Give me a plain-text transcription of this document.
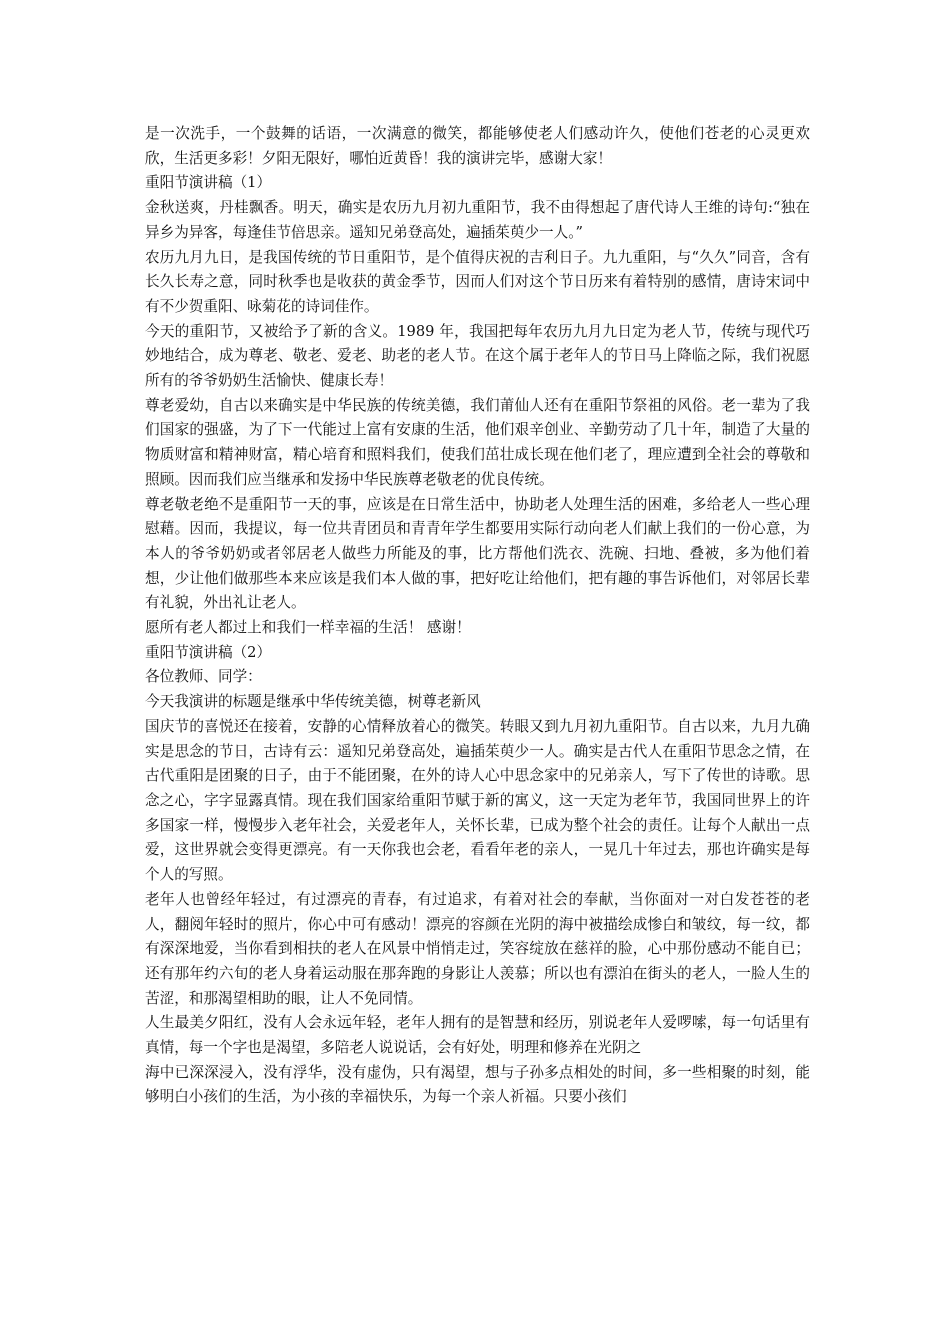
是一次洗手，一个鼓舞的话语，一次满意的微笑，都能够使老人们感动许久，使他们苍老的心灵更欢欣，生活更多彩！夕阳无限好，哪怕近黄昏！我的演讲完毕，感谢大家！

重阳节演讲稿（1）

金秋送爽，丹桂飘香。明天，确实是农历九月初九重阳节，我不由得想起了唐代诗人王维的诗句:“独在异乡为异客，每逢佳节倍思亲。遥知兄弟登高处，遍插茱萸少一人。”

农历九月九日，是我国传统的节日重阳节，是个值得庆祝的吉利日子。九九重阳，与“久久”同音，含有长久长寿之意，同时秋季也是收获的黄金季节，因而人们对这个节日历来有着特别的感情，唐诗宋词中有不少贺重阳、咏菊花的诗词佳作。

今天的重阳节，又被给予了新的含义。1989 年，我国把每年农历九月九日定为老人节，传统与现代巧妙地结合，成为尊老、敬老、爱老、助老的老人节。在这个属于老年人的节日马上降临之际，我们祝愿所有的爷爷奶奶生活愉快、健康长寿！

尊老爱幼，自古以来确实是中华民族的传统美德，我们莆仙人还有在重阳节祭祖的风俗。老一辈为了我们国家的强盛，为了下一代能过上富有安康的生活，他们艰辛创业、辛勤劳动了几十年，制造了大量的物质财富和精神财富，精心培育和照料我们，使我们茁壮成长现在他们老了，理应遭到全社会的尊敬和照顾。因而我们应当继承和发扬中华民族尊老敬老的优良传统。

尊老敬老绝不是重阳节一天的事，应该是在日常生活中，协助老人处理生活的困难，多给老人一些心理慰藉。因而，我提议，每一位共青团员和青青年学生都要用实际行动向老人们献上我们的一份心意，为本人的爷爷奶奶或者邻居老人做些力所能及的事，比方帮他们洗衣、洗碗、扫地、叠被，多为他们着想，少让他们做那些本来应该是我们本人做的事，把好吃让给他们，把有趣的事告诉他们，对邻居长辈有礼貌，外出礼让老人。

愿所有老人都过上和我们一样幸福的生活！ 感谢！

重阳节演讲稿（2）

各位教师、同学：

今天我演讲的标题是继承中华传统美德，树尊老新风

国庆节的喜悦还在接着，安静的心情释放着心的微笑。转眼又到九月初九重阳节。自古以来，九月九确实是思念的节日，古诗有云：遥知兄弟登高处，遍插茱萸少一人。确实是古代人在重阳节思念之情，在古代重阳是团聚的日子，由于不能团聚，在外的诗人心中思念家中的兄弟亲人，写下了传世的诗歌。思念之心，字字显露真情。现在我们国家给重阳节赋于新的寓义，这一天定为老年节，我国同世界上的许多国家一样，慢慢步入老年社会，关爱老年人，关怀长辈，已成为整个社会的责任。让每个人献出一点爱，这世界就会变得更漂亮。有一天你我也会老，看看年老的亲人，一晃几十年过去，那也许确实是每个人的写照。

老年人也曾经年轻过，有过漂亮的青春，有过追求，有着对社会的奉献，当你面对一对白发苍苍的老人，翻阅年轻时的照片，你心中可有感动！漂亮的容颜在光阴的海中被描绘成惨白和皱纹，每一纹，都有深深地爱，当你看到相扶的老人在风景中悄悄走过，笑容绽放在慈祥的脸，心中那份感动不能自已；还有那年约六旬的老人身着运动服在那奔跑的身影让人羡慕；所以也有漂泊在街头的老人，一脸人生的苦涩，和那渴望相助的眼，让人不免同情。

人生最美夕阳红，没有人会永远年轻，老年人拥有的是智慧和经历，别说老年人爱啰嗦，每一句话里有真情，每一个字也是渴望，多陪老人说说话，会有好处，明理和修养在光阴之

海中已深深浸入，没有浮华，没有虚伪，只有渴望，想与子孙多点相处的时间，多一些相聚的时刻，能够明白小孩们的生活，为小孩的幸福快乐，为每一个亲人祈福。只要小孩们
